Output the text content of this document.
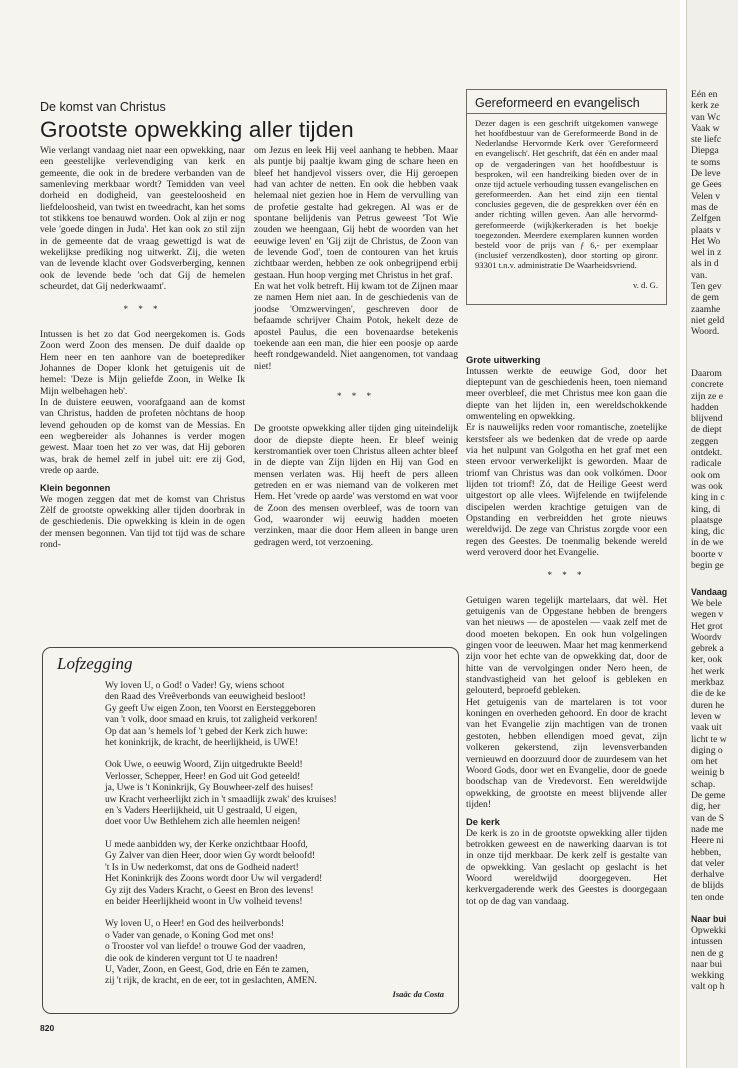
De komst van Christus
Grootste opwekking aller tijden

Wie verlangt vandaag niet naar een opwekking, naar een geestelijke verlevendiging van kerk en gemeente, die ook in de bredere verbanden van de samenleving merkbaar wordt? Temidden van veel dorheid en dodigheid, van geesteloosheid en liefdeloosheid, van twist en tweedracht, kan het soms tot stikkens toe benauwd worden. Ook al zijn er nog vele 'goede dingen in Juda'. Het kan ook zo stil zijn in de gemeente dat de vraag gewettigd is wat de wekelijkse prediking nog uitwerkt. Zij, die weten van de levende klacht over Godsverberging, kennen ook de levende bede 'och dat Gij de hemelen scheurdet, dat Gij nederkwaamt'.

* * *

Intussen is het zo dat God neergekomen is. Gods Zoon werd Zoon des mensen. De duif daalde op Hem neer en ten aanhore van de boeteprediker Johannes de Doper klonk het getuigenis uit de hemel: 'Deze is Mijn geliefde Zoon, in Welke Ik Mijn welbehagen heb'.

In de duistere eeuwen, voorafgaand aan de komst van Christus, hadden de profeten nòchtans de hoop levend gehouden op de komst van de Messias. En een wegbereider als Johannes is verder mogen gewest. Maar toen het zo ver was, dat Hij geboren was, brak de hemel zelf in jubel uit: ere zij God, vrede op aarde.

Klein begonnen

We mogen zeggen dat met de komst van Christus Zèlf de grootste opwekking aller tijden doorbrak in de geschiedenis. Die opwekking is klein in de ogen der mensen begonnen. Van tijd tot tijd was de schare rond-

om Jezus en leek Hij veel aanhang te hebben. Maar als puntje bij paaltje kwam ging de schare heen en bleef het handjevol vissers over, die Hij geroepen had van achter de netten. En ook die hebben vaak helemaal niet gezien hoe in Hem de vervulling van de profetie gestalte had gekregen. Al was er de spontane belijdenis van Petrus geweest 'Tot Wie zouden we heengaan, Gij hebt de woorden van het eeuwige leven' en 'Gij zijt de Christus, de Zoon van de levende God', toen de contouren van het kruis zichtbaar werden, hebben ze ook onbegrijpend erbij gestaan. Hun hoop verging met Christus in het graf.

En wat het volk betreft. Hij kwam tot de Zijnen maar ze namen Hem niet aan. In de geschiedenis van de joodse 'Omzwervingen', geschreven door de befaamde schrijver Chaim Potok, hekelt deze de apostel Paulus, die een bovenaardse betekenis toekende aan een man, die hier een poosje op aarde heeft rondgewandeld. Niet aangenomen, tot vandaag niet!

* * *

De grootste opwekking aller tijden ging uiteindelijk door de diepste diepte heen. Er bleef weinig kerstromantiek over toen Christus alleen achter bleef in de diepte van Zijn lijden en Hij van God en mensen verlaten was. Hij heeft de pers alleen getreden en er was niemand van de volkeren met Hem. Het 'vrede op aarde' was verstomd en wat voor de Zoon des mensen overbleef, was de toorn van God, waaronder wij eeuwig hadden moeten verzinken, maar die door Hem alleen in bange uren gedragen werd, tot verzoening.

Gereformeerd en evangelisch
Dezer dagen is een geschrift uitgekomen vanwege het hoofdbestuur van de Gereformeerde Bond in de Nederlandse Hervormde Kerk over 'Gereformeerd en evangelisch'. Het geschrift, dat één en ander maal op de vergaderingen van het hoofdbestuur is besproken, wil een handreiking bieden over de in onze tijd actuele verhouding tussen evangelischen en gereformeerden. Aan het eind zijn een tiental conclusies gegeven, die de gesprekken over één en ander richting willen geven. Aan alle hervormd-gereformeerde (wijk)kerkeraden is het boekje toegezonden. Meerdere exemplaren kunnen worden besteld voor de prijs van ƒ 6,- per exemplaar (inclusief verzendkosten), door storting op gironr. 93301 t.n.v. administratie De Waarheidsvriend.
v. d. G.
Grote uitwerking

Intussen werkte de eeuwige God, door het dieptepunt van de geschiedenis heen, toen niemand meer overbleef, die met Christus mee kon gaan die diepte van het lijden in, een wereldschokkende omwenteling en opwekking.

Er is nauwelijks reden voor romantische, zoetelijke kerstsfeer als we bedenken dat de vrede op aarde via het nulpunt van Golgotha en het graf met een steen ervoor verwerkelijkt is geworden. Maar de triomf van Christus was dan ook volkómen. Door lijden tot triomf! Zó, dat de Heilige Geest werd uitgestort op alle vlees. Wijfelende en twijfelende discipelen werden krachtige getuigen van de Opstanding en verbreidden het grote nieuws wereldwijd. De zege van Christus zorgde voor een regen des Geestes. De toenmalig bekende wereld werd veroverd door het Evangelie.

* * *

Getuigen waren tegelijk martelaars, dat wèl. Het getuigenis van de Opgestane hebben de brengers van het nieuws — de apostelen — vaak zelf met de dood moeten bekopen. En ook hun volgelingen gingen voor de leeuwen. Maar het mag kenmerkend zijn voor het echte van de opwekking dat, door de hitte van de vervolgingen onder Nero heen, de standvastigheid van het geloof is gebleken en gelouterd, beproefd gebleken.

Het getuigenis van de martelaren is tot voor koningen en overheden gehoord. En door de kracht van het Evangelie zijn machtigen van de tronen gestoten, hebben ellendigen moed gevat, zijn volkeren gekerstend, zijn levensverbanden vernieuwd en doorzuurd door de zuurdesem van het Woord Gods, door wet en Evangelie, door de goede boodschap van de Vredevorst. Een wereldwijde opwekking, de grootste en meest blijvende aller tijden!

De kerk

De kerk is zo in de grootste opwekking aller tijden betrokken geweest en de nawerking daarvan is tot in onze tijd merkbaar. De kerk zelf is gestalte van de opwekking. Van geslacht op geslacht is het Woord wereldwijd doorgegeven. Het kerkvergaderende werk des Geestes is doorgegaan tot op de dag van vandaag.

Lofzegging
Wy loven U, o God! o Vader! Gy, wiens schoot
den Raad des Vreêverbonds van eeuwigheid besloot!
Gy geeft Uw eigen Zoon, ten Voorst en Eersteggeboren
van 't volk, door smaad en kruis, tot zaligheid verkoren!
Op dat aan 's hemels lof 't gebed der Kerk zich huwe:
het koninkrijk, de kracht, de heerlijkheid, is UWE!
Ook Uwe, o eeuwig Woord, Zijn uitgedrukte Beeld!
Verlosser, Schepper, Heer! en God uit God geteeld!
ja, Uwe is 't Koninkrijk, Gy Bouwheer-zelf des huises!
uw Kracht verheerlijkt zich in 't smaadlijk zwak' des kruises!
en 's Vaders Heerlijkheid, uit U gestraald, U eigen,
doet voor Uw Bethlehem zich alle heemlen neigen!
U mede aanbidden wy, der Kerke onzichtbaar Hoofd,
Gy Zalver van dien Heer, door wien Gy wordt beloofd!
't Is in Uw nederkomst, dat ons de Godheid nadert!
Het Koninkrijk des Zoons wordt door Uw wil vergaderd!
Gy zijt des Vaders Kracht, o Geest en Bron des levens!
en beider Heerlijkheid woont in Uw volheid tevens!
Wy loven U, o Heer! en God des heilverbonds!
o Vader van genade, o Koning God met ons!
o Trooster vol van liefde! o trouwe God der vaadren,
die ook de kinderen vergunt tot U te naadren!
U, Vader, Zoon, en Geest, God, drie en Eén te zamen,
zij 't rijk, de kracht, en de eer, tot in geslachten, AMEN.
Isaäc da Costa
820
Eén en
kerk ze
van Wc
Vaak w
ste liefc
Diepga
te soms
De leve
ge Gees
Velen v
mas de
Zelfgen
plaats v
Het Wo
wel in z
als in d
van.
Ten gev
de gem
zaamhe
niet geld
Woord.
Daarom
concrete
zijn ze e
hadden
blijvend
de diept
zeggen
ontdekt.
radicale
ook om
was ook
king in c
king, di
plaatsge
king, dic
in de we
boorte v
begin ge
Vandaag
We bele
wegen v
Het grot
Woordv
gebrek a
ker, ook
het werk
merkbaz
die de ke
duren he
leven w
vaak uit
licht te w
diging o
om het
weinig b
schap.
De geme
dig, her
van de S
nade me
Heere ni
hebben,
dat veler
derhalve
de blijds
ten onde
Naar bui
Opwekki
intussen
nen de g
naar bui
wekking
valt op h
